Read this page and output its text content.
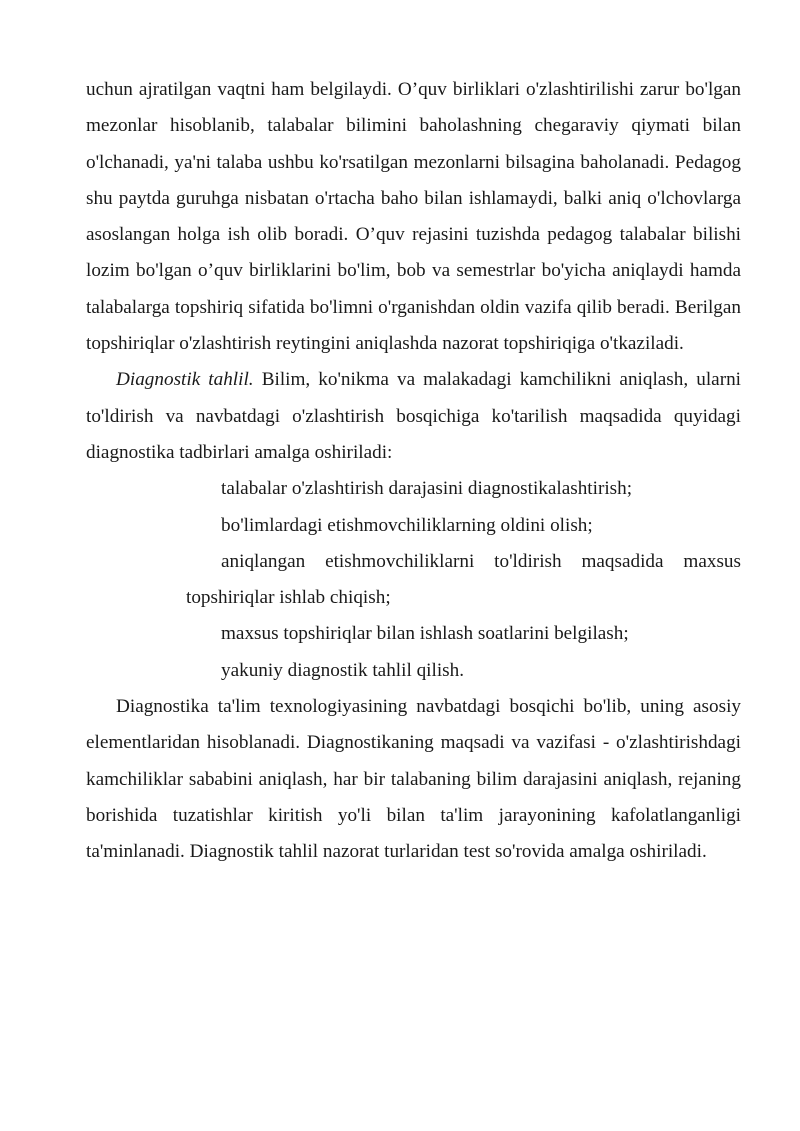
uchun ajratilgan vaqtni ham belgilaydi. O’quv birliklari o'zlashtirilishi zarur bo'lgan mezonlar hisoblanib, talabalar bilimini baholashning chegaraviy qiymati bilan o'lchanadi, ya'ni talaba ushbu ko'rsatilgan mezonlarni bilsagina baholanadi. Pedagog shu paytda guruhga nisbatan o'rtacha baho bilan ishlamaydi, balki aniq o'lchovlarga asoslangan holga ish olib boradi. O’quv rejasini tuzishda pedagog talabalar bilishi lozim bo'lgan o’quv birliklarini bo'lim, bob va semestrlar bo'yicha aniqlaydi hamda talabalarga topshiriq sifatida bo'limni o'rganishdan oldin vazifa qilib beradi. Berilgan topshiriqlar o'zlashtirish reytingini aniqlashda nazorat topshiriqiga o'tkaziladi.

Diagnostik tahlil. Bilim, ko'nikma va malakadagi kamchilikni aniqlash, ularni to'ldirish va navbatdagi o'zlashtirish bosqichiga ko'tarilish maqsadida quyidagi diagnostika tadbirlari amalga oshiriladi:

talabalar o'zlashtirish darajasini diagnostikalashtirish;
bo'limlardagi etishmovchiliklarning oldini olish;
aniqlangan etishmovchiliklarni to'ldirish maqsadida maxsus topshiriqlar ishlab chiqish;
maxsus topshiriqlar bilan ishlash soatlarini belgilash;
yakuniy diagnostik tahlil qilish.

Diagnostika ta'lim texnologiyasining navbatdagi bosqichi bo'lib, uning asosiy elementlaridan hisoblanadi. Diagnostikaning maqsadi va vazifasi - o'zlashtirishdagi kamchiliklar sababini aniqlash, har bir talabaning bilim darajasini aniqlash, rejaning borishida tuzatishlar kiritish yo'li bilan ta'lim jarayonining kafolatlanganligi ta'minlanadi. Diagnostik tahlil nazorat turlaridan test so'rovida amalga oshiriladi.
